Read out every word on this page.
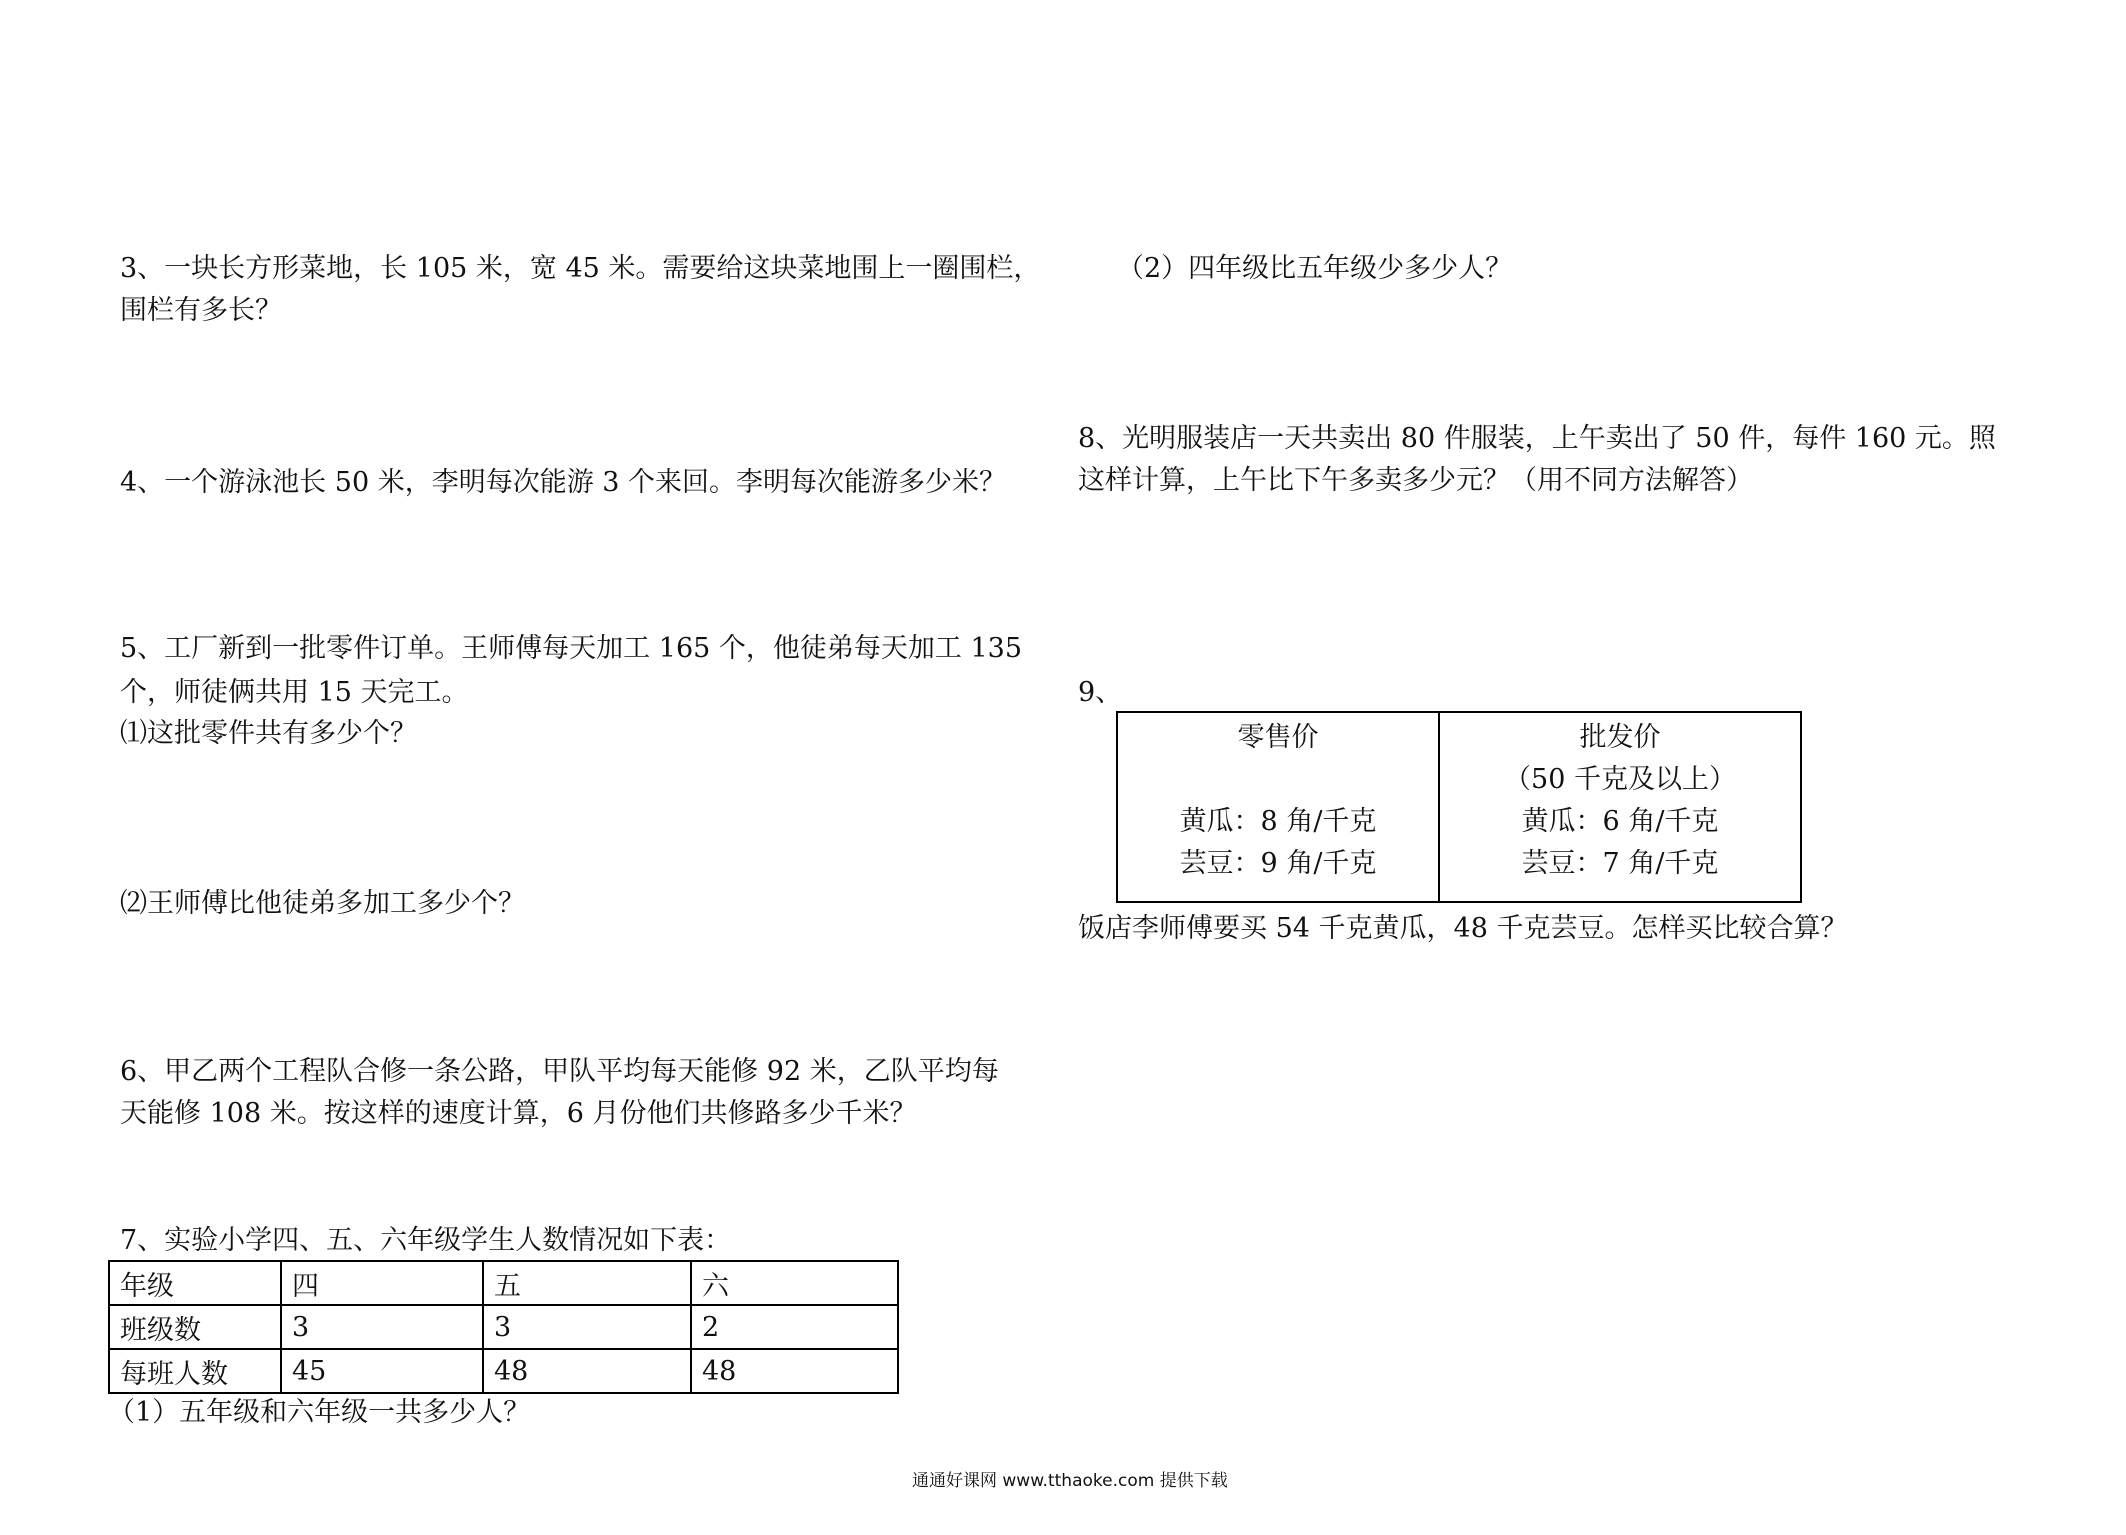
3、一块长方形菜地，长 105 米，宽 45 米。需要给这块菜地围上一圈围栏，	（2）四年级比五年级少多少人？
围栏有多长？
8、光明服装店一天共卖出 80 件服装，上午卖出了 50 件，每件 160 元。照
这样计算，上午比下午多卖多少元？（用不同方法解答）
4、一个游泳池长 50 米，李明每次能游 3 个来回。李明每次能游多少米？
5、工厂新到一批零件订单。王师傅每天加工 165 个，他徒弟每天加工 135
个，师徒俩共用 15 天完工。
⑴这批零件共有多少个？
⑵王师傅比他徒弟多加工多少个？
9、
零售价
黄瓜：8 角/千克
芸豆：9 角/千克

批发价
（50 千克及以上）
黄瓜：6 角/千克
芸豆：7 角/千克
饭店李师傅要买 54 千克黄瓜，48 千克芸豆。怎样买比较合算？
6、甲乙两个工程队合修一条公路，甲队平均每天能修 92 米，乙队平均每
天能修 108 米。按这样的速度计算，6 月份他们共修路多少千米？
7、实验小学四、五、六年级学生人数情况如下表：
年级	四	五	六
班级数	3	3	2
每班人数	45	48	48
（1）五年级和六年级一共多少人？
通通好课网 www.tthaoke.com 提供下载
